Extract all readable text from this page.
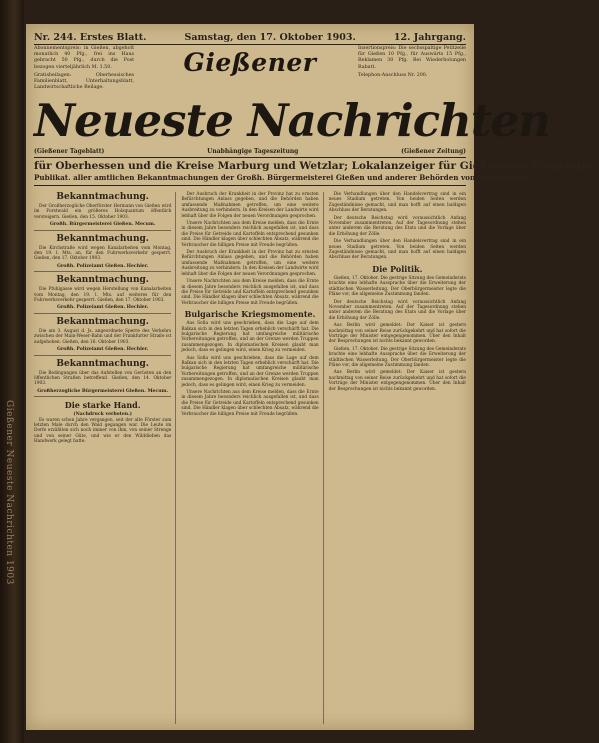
Gießener Neueste Nachrichten 1903
Nr. 244. Erstes Blatt.	Samstag, den 17. Oktober 1903.	12. Jahrgang.
Abonnementspreis: in Gießen, abgeholt monatlich 40 Pfg., frei ins Haus gebracht 50 Pfg., durch die Post bezogen vierteljährlich M. 1.50.
Gratisbeilagen: Oberhessisches Familienblatt, Unterhaltungsblatt, Landwirtschaftliche Beilage.
Gießener	Insertionspreis: Die sechsspaltige Petitzeile für Gießen 10 Pfg., für Auswärts 15 Pfg., Reklamen 30 Pfg. Bei Wiederholungen Rabatt.
Telephon-Anschluss Nr. 200.
Neueste Nachrichten
(Gießener Tageblatt)	Unabhängige Tageszeitung	(Gießener Zeitung)
für Oberhessen und die Kreise Marburg und Wetzlar; Lokalanzeiger für Gießen und Umgebung.
Publikat. aller amtlichen Bekanntmachungen der Großh. Bürgermeisterei Gießen und anderer Behörden von Oberhessen.
Bekanntmachung.
Der Großherzogliche Oberförster Hermann von Gießen wird im Forstwald ein größeres Holzquantum öffentlich versteigern. Gießen, den 15. Oktober 1903.
Großh. Bürgermeisterei Gießen. Mecum.
Bekanntmachung.
Die Kirchstraße wird wegen Kanalarbeiten vom Montag, den 19. l. Mts. an, für den Fuhrwerksverkehr gesperrt. Gießen, den 17. Oktober 1903.
Großh. Polizeiamt Gießen. Hechler.
Bekanntmachung.
Die Pfuhlgasse wird wegen Herstellung von Kanalarbeiten vom Montag, den 19. l. Mts. auf weiteres für den Fuhrwerksverkehr gesperrt. Gießen, den 17. Oktober 1903.
Großh. Polizeiamt Gießen. Hechler.
Bekanntmachung.
Die am 3. August d. Js. angeordnete Sperre des Verkehrs zwischen der Main-Weser-Bahn und der Frankfurter Straße ist aufgehoben. Gießen, den 16. Oktober 1903.
Großh. Polizeiamt Gießen. Hechler.
Bekanntmachung.
Die Bedingungen über das Aufstellen von Gerüsten an den öffentlichen Straßen betreffend. Gießen, den 14. Oktober 1903.
Großherzogliche Bürgermeisterei Gießen. Mecum.
Die starke Hand.
(Nachdruck verboten.)
Es waren schon Jahre vergangen, seit der alte Förster zum letzten Male durch den Wald gegangen war. Die Leute im Dorfe erzählten sich noch immer von ihm, von seiner Strenge und von seiner Güte, und wie er den Wilddieben das Handwerk gelegt hatte.
Der Ausbruch der Krankheit in der Provinz hat zu ernsten Befürchtungen Anlass gegeben, und die Behörden haben umfassende Maßnahmen getroffen, um eine weitere Ausbreitung zu verhindern. In den Kreisen der Landwirte wird lebhaft über die Folgen der neuen Verordnungen gesprochen.
Unsere Nachrichten aus dem Kreise melden, dass die Ernte in diesem Jahre besonders reichlich ausgefallen ist, und dass die Preise für Getreide und Kartoffeln entsprechend gesunken sind. Die Händler klagen über schlechten Absatz, während die Verbraucher die billigen Preise mit Freude begrüßen.
Der Ausbruch der Krankheit in der Provinz hat zu ernsten Befürchtungen Anlass gegeben, und die Behörden haben umfassende Maßnahmen getroffen, um eine weitere Ausbreitung zu verhindern. In den Kreisen der Landwirte wird lebhaft über die Folgen der neuen Verordnungen gesprochen.
Unsere Nachrichten aus dem Kreise melden, dass die Ernte in diesem Jahre besonders reichlich ausgefallen ist, und dass die Preise für Getreide und Kartoffeln entsprechend gesunken sind. Die Händler klagen über schlechten Absatz, während die Verbraucher die billigen Preise mit Freude begrüßen.
Bulgarische Kriegsmomente.
Aus Sofia wird uns geschrieben, dass die Lage auf dem Balkan sich in den letzten Tagen erheblich verschärft hat. Die bulgarische Regierung hat umfangreiche militärische Vorbereitungen getroffen, und an der Grenze werden Truppen zusammengezogen. In diplomatischen Kreisen glaubt man jedoch, dass es gelingen wird, einen Krieg zu vermeiden.
Aus Sofia wird uns geschrieben, dass die Lage auf dem Balkan sich in den letzten Tagen erheblich verschärft hat. Die bulgarische Regierung hat umfangreiche militärische Vorbereitungen getroffen, und an der Grenze werden Truppen zusammengezogen. In diplomatischen Kreisen glaubt man jedoch, dass es gelingen wird, einen Krieg zu vermeiden.
Unsere Nachrichten aus dem Kreise melden, dass die Ernte in diesem Jahre besonders reichlich ausgefallen ist, und dass die Preise für Getreide und Kartoffeln entsprechend gesunken sind. Die Händler klagen über schlechten Absatz, während die Verbraucher die billigen Preise mit Freude begrüßen.
Die Verhandlungen über den Handelsvertrag sind in ein neues Stadium getreten. Von beiden Seiten werden Zugeständnisse gemacht, und man hofft auf einen baldigen Abschluss der Beratungen.
Der deutsche Reichstag wird voraussichtlich Anfang November zusammentreten. Auf der Tagesordnung stehen unter anderem die Beratung des Etats und die Vorlage über die Erhöhung der Zölle.
Die Verhandlungen über den Handelsvertrag sind in ein neues Stadium getreten. Von beiden Seiten werden Zugeständnisse gemacht, und man hofft auf einen baldigen Abschluss der Beratungen.
Die Politik.
Gießen, 17. Oktober. Die gestrige Sitzung des Gemeinderats brachte eine lebhafte Aussprache über die Erweiterung der städtischen Wasserleitung. Der Oberbürgermeister legte die Pläne vor, die allgemeine Zustimmung fanden.
Der deutsche Reichstag wird voraussichtlich Anfang November zusammentreten. Auf der Tagesordnung stehen unter anderem die Beratung des Etats und die Vorlage über die Erhöhung der Zölle.
Aus Berlin wird gemeldet: Der Kaiser ist gestern nachmittag von seiner Reise zurückgekehrt und hat sofort die Vorträge der Minister entgegengenommen. Über den Inhalt der Besprechungen ist nichts bekannt geworden.
Gießen, 17. Oktober. Die gestrige Sitzung des Gemeinderats brachte eine lebhafte Aussprache über die Erweiterung der städtischen Wasserleitung. Der Oberbürgermeister legte die Pläne vor, die allgemeine Zustimmung fanden.
Aus Berlin wird gemeldet: Der Kaiser ist gestern nachmittag von seiner Reise zurückgekehrt und hat sofort die Vorträge der Minister entgegengenommen. Über den Inhalt der Besprechungen ist nichts bekannt geworden.
